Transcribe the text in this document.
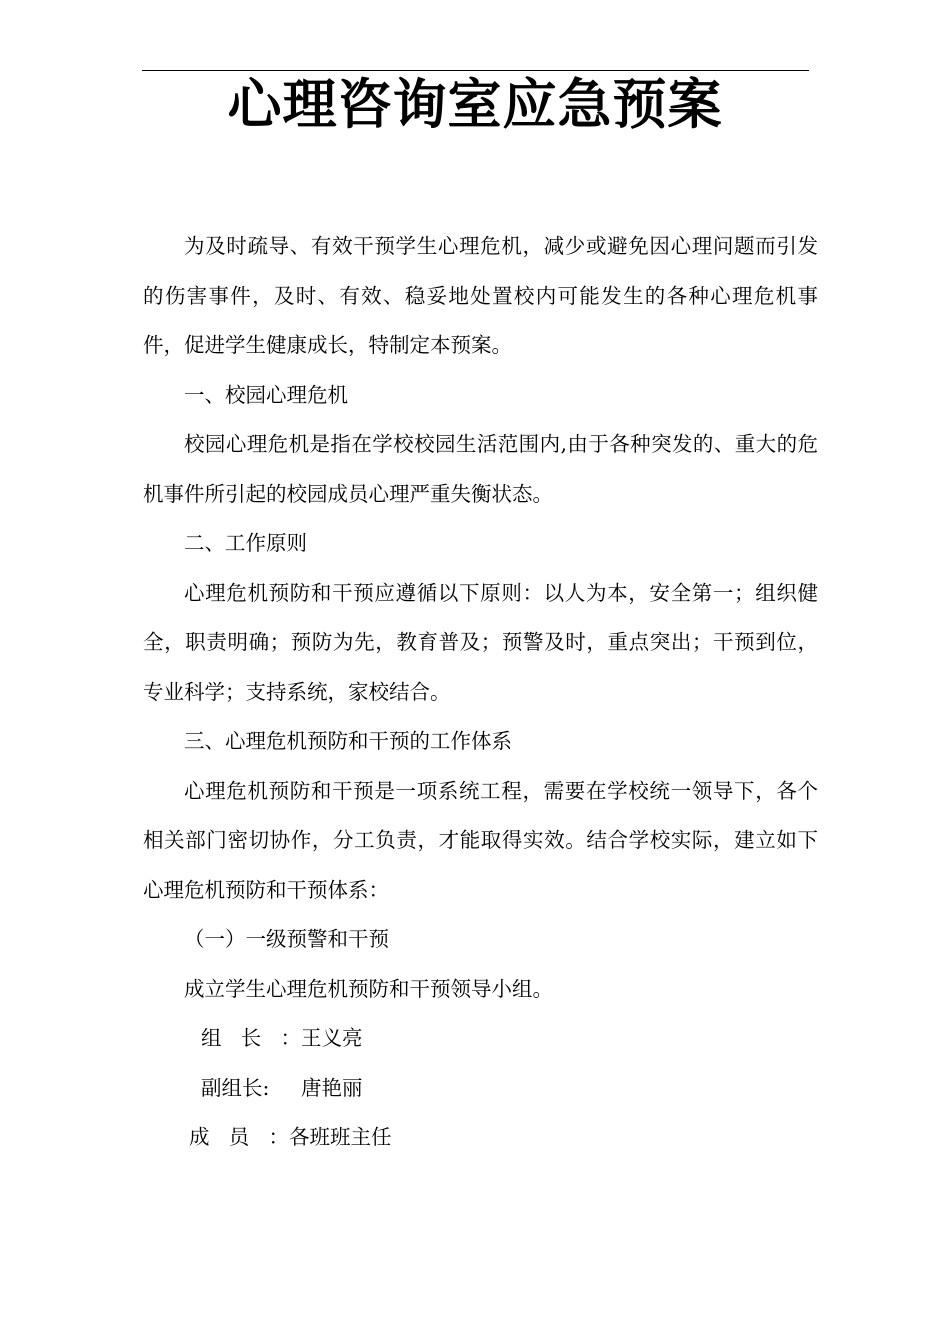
心理咨询室应急预案

为及时疏导、有效干预学生心理危机，减少或避免因心理问题而引发的伤害事件，及时、有效、稳妥地处置校内可能发生的各种心理危机事件，促进学生健康成长，特制定本预案。

一、校园心理危机

校园心理危机是指在学校校园生活范围内,由于各种突发的、重大的危机事件所引起的校园成员心理严重失衡状态。

二、工作原则

心理危机预防和干预应遵循以下原则：以人为本，安全第一；组织健全，职责明确；预防为先，教育普及；预警及时，重点突出；干预到位，专业科学；支持系统，家校结合。

三、心理危机预防和干预的工作体系

心理危机预防和干预是一项系统工程，需要在学校统一领导下，各个相关部门密切协作，分工负责，才能取得实效。结合学校实际，建立如下心理危机预防和干预体系：

（一）一级预警和干预

成立学生心理危机预防和干预领导小组。

组长：王义亮
副组长: 唐艳丽
成员：各班班主任
